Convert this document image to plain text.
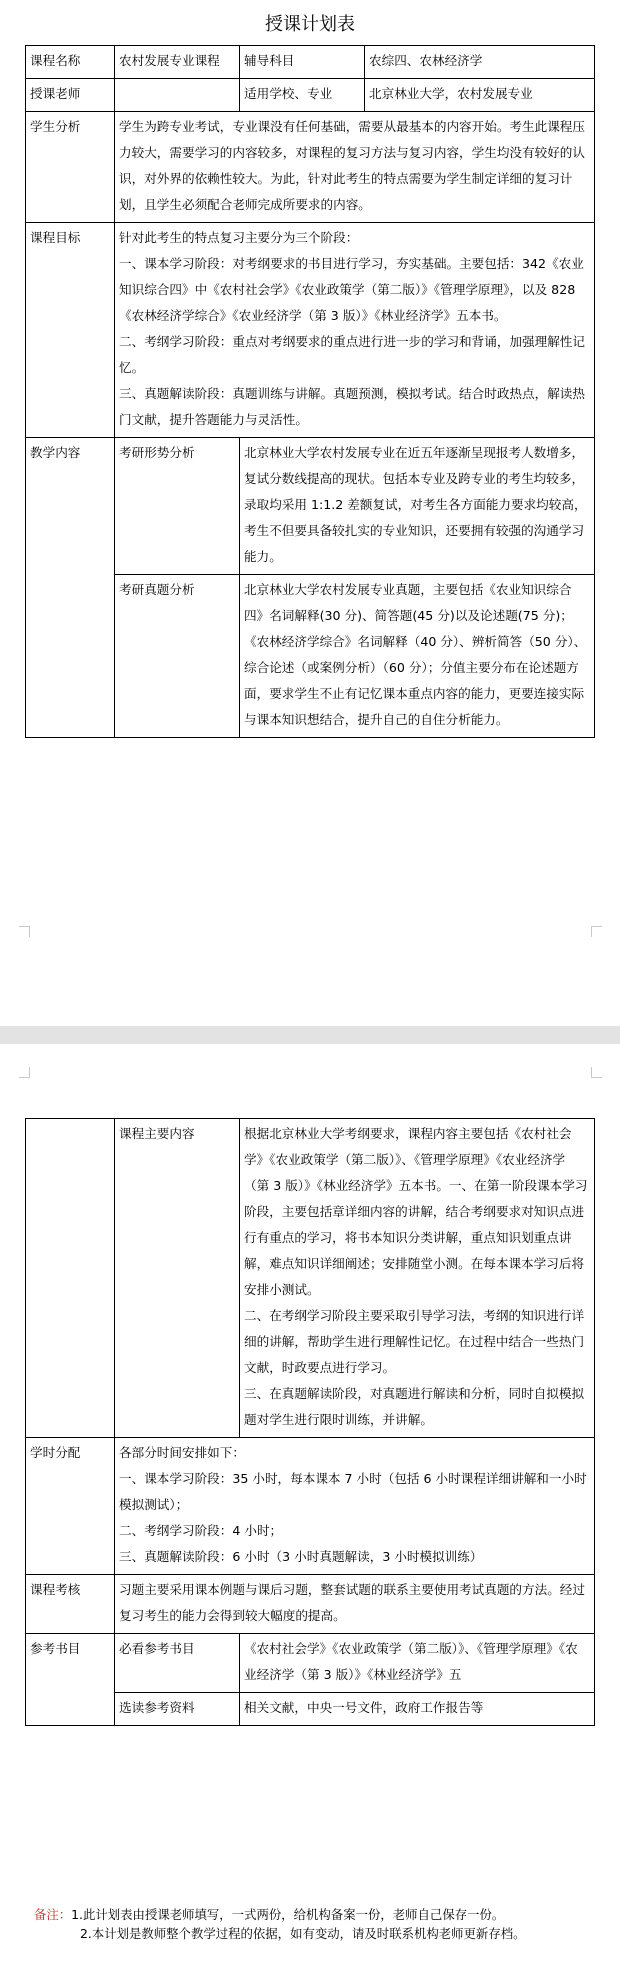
授课计划表
课程名称	农村发展专业课程	辅导科目	农综四、农林经济学
授课老师		适用学校、专业	北京林业大学，农村发展专业
学生分析	学生为跨专业考试，专业课没有任何基础，需要从最基本的内容开始。考生此课程压力较大，需要学习的内容较多，对课程的复习方法与复习内容，学生均没有较好的认识，对外界的依赖性较大。为此，针对此考生的特点需要为学生制定详细的复习计划，且学生必须配合老师完成所要求的内容。		
课程目标	针对此考生的特点复习主要分为三个阶段：

一、课本学习阶段：对考纲要求的书目进行学习，夯实基础。主要包括：342《农业知识综合四》中《农村社会学》《农业政策学（第二版）》《管理学原理》，以及 828《农林经济学综合》《农业经济学（第 3 版）》《林业经济学》五本书。

二、考纲学习阶段：重点对考纲要求的重点进行进一步的学习和背诵，加强理解性记忆。

三、真题解读阶段：真题训练与讲解。真题预测，模拟考试。结合时政热点，解读热门文献，提升答题能力与灵活性。		

教学内容	考研形势分析	北京林业大学农村发展专业在近五年逐渐呈现报考人数增多，复试分数线提高的现状。包括本专业及跨专业的考生均较多，录取均采用 1:1.2 差额复试，对考生各方面能力要求均较高，考生不但要具备较扎实的专业知识，还要拥有较强的沟通学习能力。	
	考研真题分析	北京林业大学农村发展专业真题，主要包括《农业知识综合四》名词解释(30 分)、简答题(45 分)以及论述题(75 分)；《农林经济学综合》名词解释（40 分）、辨析简答（50 分）、综合论述（或案例分析）（60 分）；分值主要分布在论述题方面，要求学生不止有记忆课本重点内容的能力，更要连接实际与课本知识想结合，提升自己的自住分析能力。	
	课程主要内容	根据北京林业大学考纲要求，课程内容主要包括《农村社会学》《农业政策学（第二版）》、《管理学原理》《农业经济学（第 3 版）》《林业经济学》五本书。一、在第一阶段课本学习阶段，主要包括章详细内容的讲解，结合考纲要求对知识点进行有重点的学习，将书本知识分类讲解，重点知识划重点讲解，难点知识详细阐述；安排随堂小测。在每本课本学习后将安排小测试。

二、在考纲学习阶段主要采取引导学习法，考纲的知识进行详细的讲解，帮助学生进行理解性记忆。在过程中结合一些热门文献，时政要点进行学习。

三、在真题解读阶段，对真题进行解读和分析，同时自拟模拟题对学生进行限时训练，并讲解。

学时分配	各部分时间安排如下：

一、课本学习阶段：35 小时，每本课本 7 小时（包括 6 小时课程详细讲解和一小时模拟测试）；

二、考纲学习阶段：4 小时；

三、真题解读阶段：6 小时（3 小时真题解读，3 小时模拟训练）	

课程考核	习题主要采用课本例题与课后习题，整套试题的联系主要使用考试真题的方法。经过复习考生的能力会得到较大幅度的提高。	
参考书目	必看参考书目	《农村社会学》《农业政策学（第二版）》、《管理学原理》《农业经济学（第 3 版）》《林业经济学》五
	选读参考资料	相关文献，中央一号文件，政府工作报告等
备注：1.此计划表由授课老师填写，一式两份，给机构备案一份，老师自己保存一份。
2.本计划是教师整个教学过程的依据，如有变动，请及时联系机构老师更新存档。
